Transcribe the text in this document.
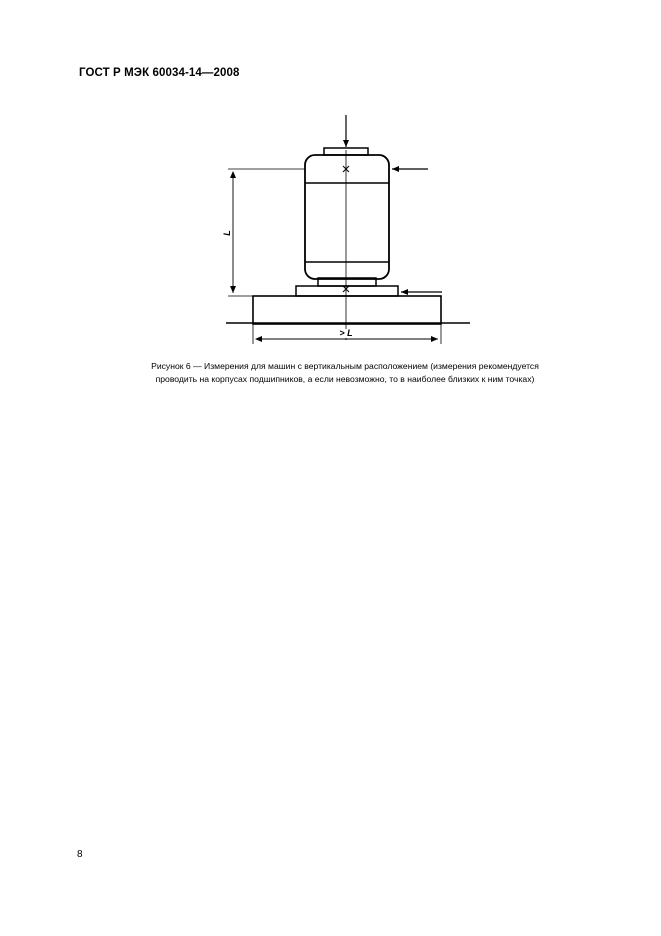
ГОСТ Р МЭК 60034-14—2008
L
> L
Рисунок 6 — Измерения для машин с вертикальным расположением (измерения рекомендуется
проводить на корпусах подшипников, а если невозможно, то в наиболее близких к ним точках)
8
